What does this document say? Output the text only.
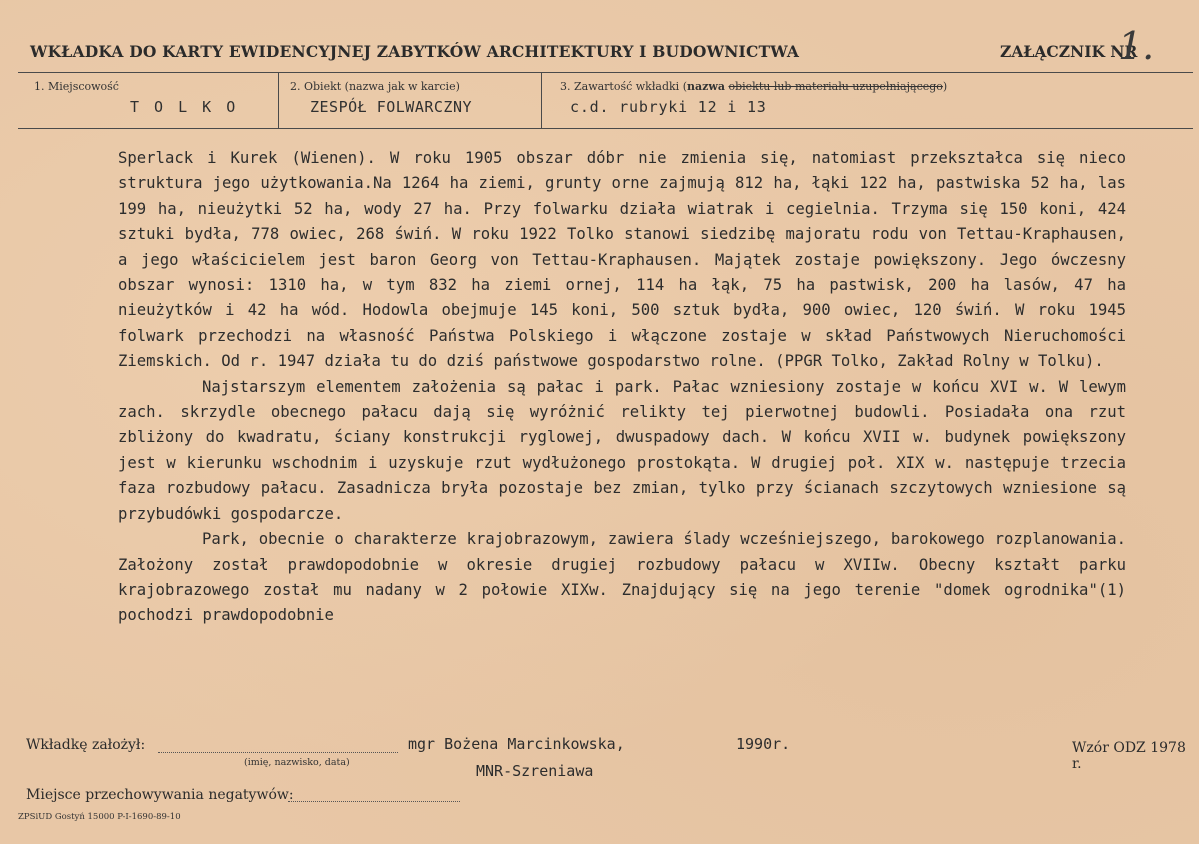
WKŁADKA DO KARTY EWIDENCYJNEJ ZABYTKÓW ARCHITEKTURY I BUDOWNICTWA	ZAŁĄCZNIK NR
1.
1. Miejscowość
T O L K O
2. Obiekt (nazwa jak w karcie)
ZESPÓŁ FOLWARCZNY
3. Zawartość wkładki (nazwa obiektu lub materiału uzupełniającego)
c.d. rubryki 12 i 13

Sperlack i Kurek (Wienen). W roku 1905 obszar dóbr nie zmienia się, natomiast przekształca się nieco struktura jego użytkowania.Na 1264 ha ziemi, grunty orne zajmują 812 ha, łąki 122 ha, pastwiska 52 ha, las 199 ha, nieużytki 52 ha, wody 27 ha. Przy folwarku działa wiatrak i cegielnia. Trzyma się 150 koni, 424 sztuki bydła, 778 owiec, 268 świń. W roku 1922 Tolko stanowi siedzibę majoratu rodu von Tettau-Kraphausen, a jego właścicielem jest baron Georg von Tettau-Kraphausen. Majątek zostaje powiększony. Jego ówczesny obszar wynosi: 1310 ha, w tym 832 ha ziemi ornej, 114 ha łąk, 75 ha pastwisk, 200 ha lasów, 47 ha nieużytków i 42 ha wód. Hodowla obejmuje 145 koni, 500 sztuk bydła, 900 owiec, 120 świń. W roku 1945 folwark przechodzi na własność Państwa Polskiego i włączone zostaje w skład Państwowych Nieruchomości Ziemskich. Od r. 1947 działa tu do dziś państwowe gospodarstwo rolne. (PPGR Tolko, Zakład Rolny w Tolku).

Najstarszym elementem założenia są pałac i park. Pałac wzniesiony zostaje w końcu XVI w. W lewym zach. skrzydle obecnego pałacu dają się wyróżnić relikty tej pierwotnej budowli. Posiadała ona rzut zbliżony do kwadratu, ściany konstrukcji ryglowej, dwuspadowy dach. W końcu XVII w. budynek powiększony jest w kierunku wschodnim i uzyskuje rzut wydłużonego prostokąta. W drugiej poł. XIX w. następuje trzecia faza rozbudowy pałacu. Zasadnicza bryła pozostaje bez zmian, tylko przy ścianach szczytowych wzniesione są przybudówki gospodarcze.

Park, obecnie o charakterze krajobrazowym, zawiera ślady wcześniejszego, barokowego rozplanowania. Założony został prawdopodobnie w okresie drugiej rozbudowy pałacu w XVIIw. Obecny kształt parku krajobrazowego został mu nadany w 2 połowie XIXw. Znajdujący się na jego terenie "domek ogrodnika"(1) pochodzi prawdopodobnie

Wkładkę założył:	mgr Bożena Marcinkowska,	1990r.
(imię, nazwisko, data)	MNR-Szreniawa
Wzór ODZ 1978 r.
Miejsce przechowywania negatywów:
ZPSiUD Gostyń 15000 P-I-1690-89-10
